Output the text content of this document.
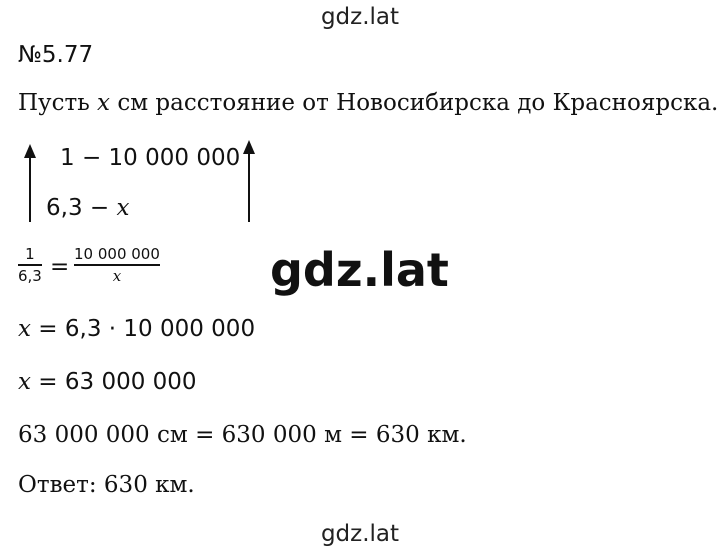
gdz.lat
№5.77
Пусть x см расстояние от Новосибирска до Красноярска.
1 − 10 000 000
6,3 − x
1
6,3 = 10 000 000
x	gdz.lat
x = 6,3 · 10 000 000
x = 63 000 000
63 000 000 см = 630 000 м = 630 км.
Ответ: 630 км.
gdz.lat
